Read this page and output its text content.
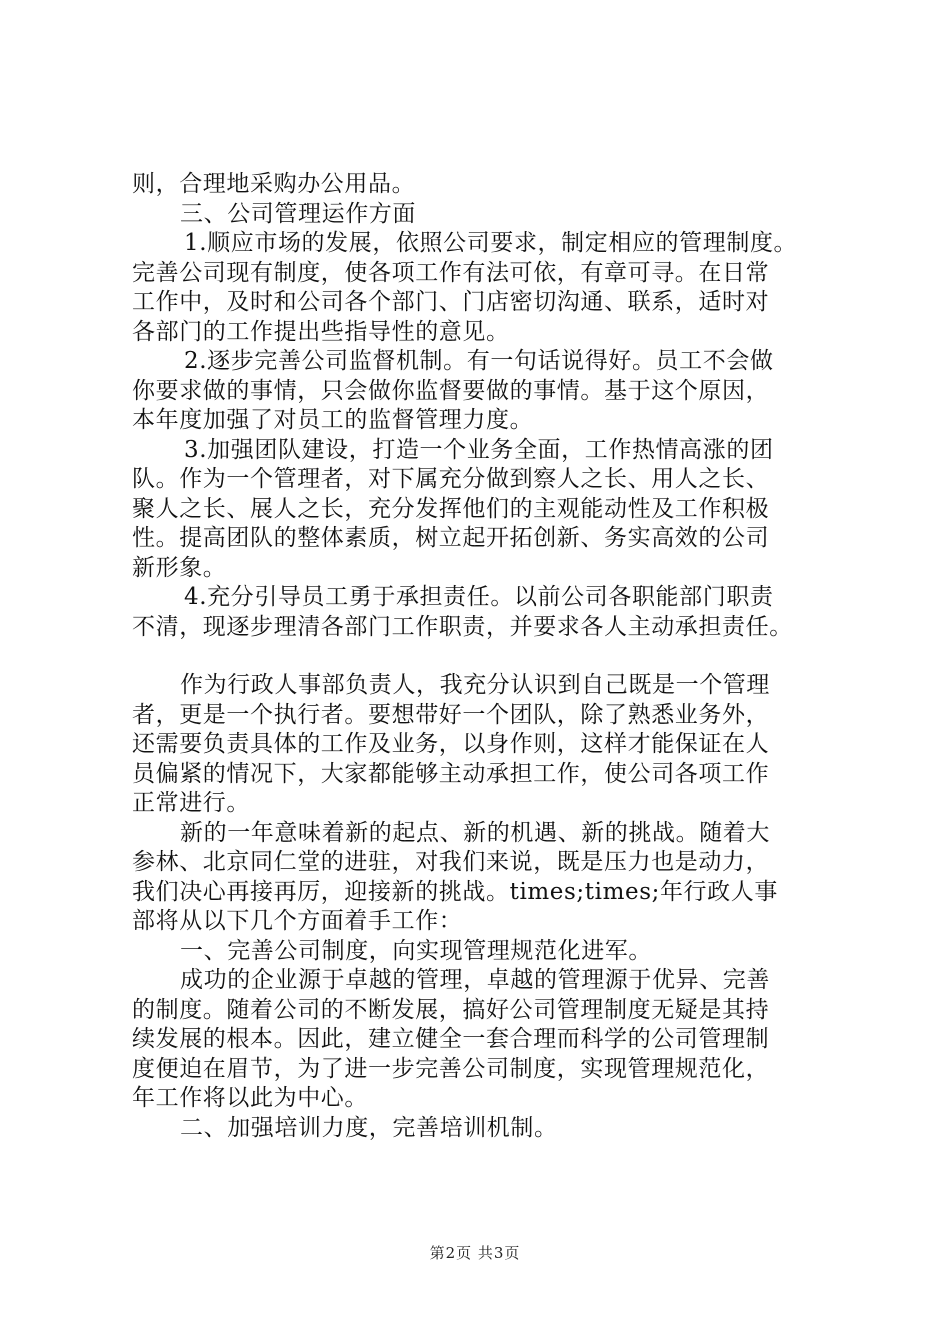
则，合理地采购办公用品。
三、公司管理运作方面
1.顺应市场的发展，依照公司要求，制定相应的管理制度。
完善公司现有制度，使各项工作有法可依，有章可寻。在日常
工作中，及时和公司各个部门、门店密切沟通、联系，适时对
各部门的工作提出些指导性的意见。
2.逐步完善公司监督机制。有一句话说得好。员工不会做
你要求做的事情，只会做你监督要做的事情。基于这个原因，
本年度加强了对员工的监督管理力度。
3.加强团队建设，打造一个业务全面，工作热情高涨的团
队。作为一个管理者，对下属充分做到察人之长、用人之长、
聚人之长、展人之长，充分发挥他们的主观能动性及工作积极
性。提高团队的整体素质，树立起开拓创新、务实高效的公司
新形象。
4.充分引导员工勇于承担责任。以前公司各职能部门职责
不清，现逐步理清各部门工作职责，并要求各人主动承担责任。
作为行政人事部负责人，我充分认识到自己既是一个管理
者，更是一个执行者。要想带好一个团队，除了熟悉业务外，
还需要负责具体的工作及业务，以身作则，这样才能保证在人
员偏紧的情况下，大家都能够主动承担工作，使公司各项工作
正常进行。
新的一年意味着新的起点、新的机遇、新的挑战。随着大
参林、北京同仁堂的进驻，对我们来说，既是压力也是动力，
我们决心再接再厉，迎接新的挑战。times;times;年行政人事
部将从以下几个方面着手工作：
一、完善公司制度，向实现管理规范化进军。
成功的企业源于卓越的管理，卓越的管理源于优异、完善
的制度。随着公司的不断发展，搞好公司管理制度无疑是其持
续发展的根本。因此，建立健全一套合理而科学的公司管理制
度便迫在眉节，为了进一步完善公司制度，实现管理规范化，
年工作将以此为中心。
二、加强培训力度，完善培训机制。
第2页 共3页
